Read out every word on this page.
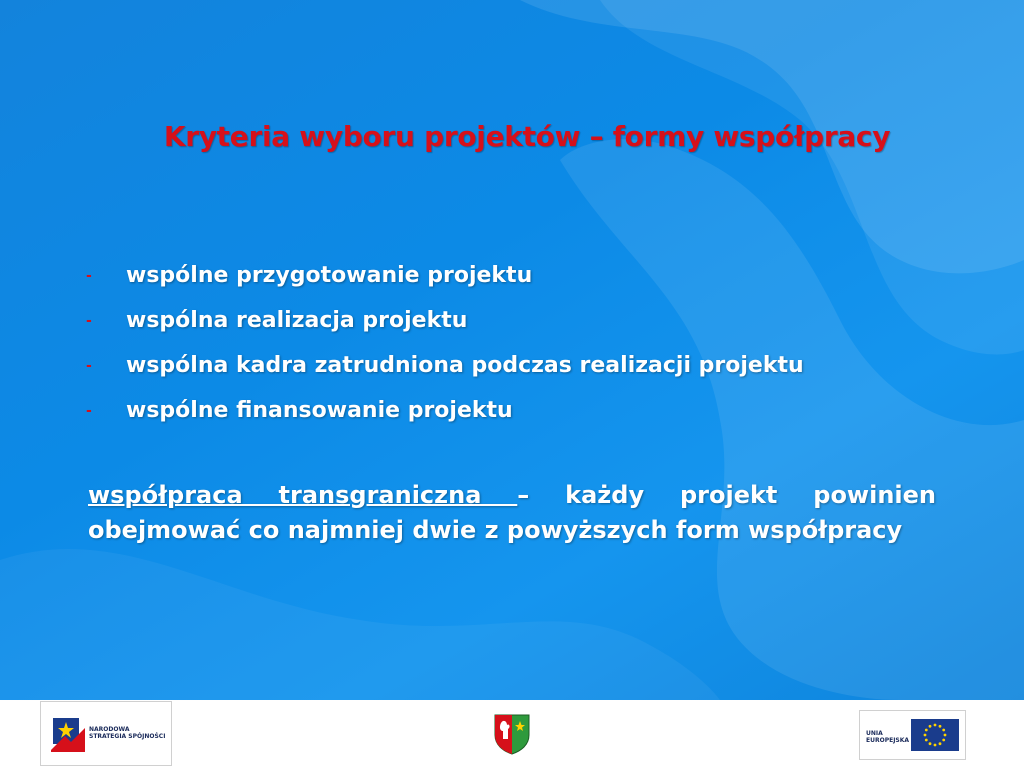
Kryteria wyboru projektów – formy współpracy
-	wspólne przygotowanie projektu
-	wspólna realizacja projektu
-	wspólna kadra zatrudniona podczas realizacji projektu
-	wspólne finansowanie projektu
współpraca transgraniczna – każdy projekt powinien obejmować co najmniej dwie z powyższych form współpracy
NARODOWA
STRATEGIA SPÓJNOŚCI	UNIA
EUROPEJSKA
